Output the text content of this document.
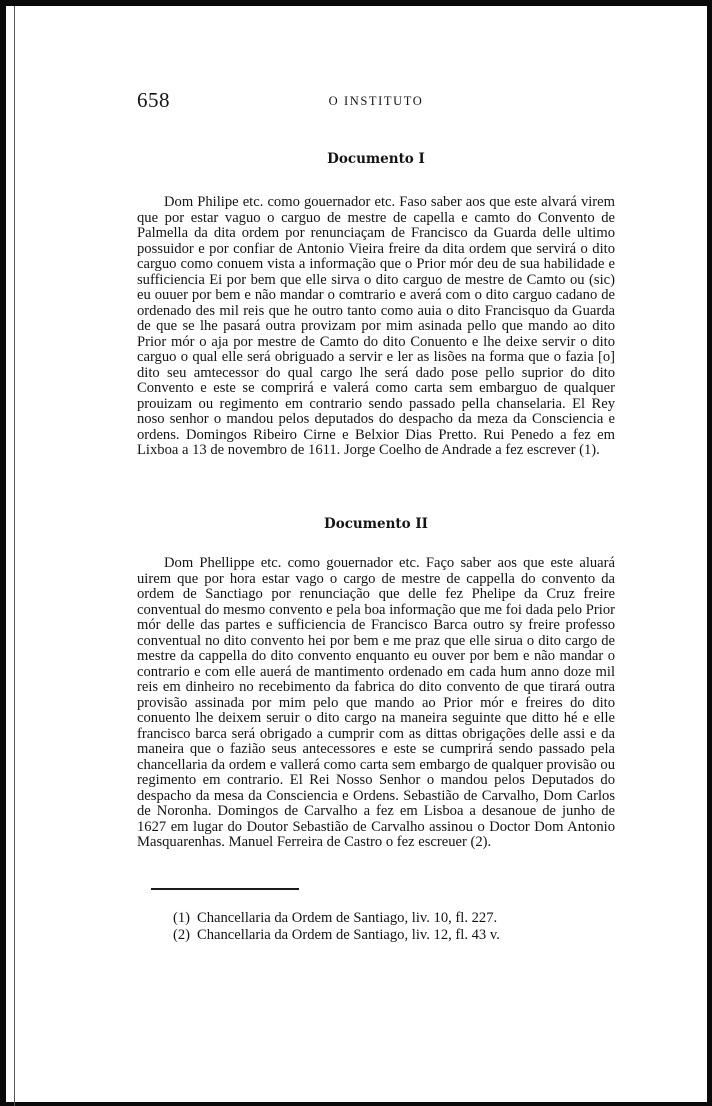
658	O INSTITUTO
Documento I

Dom Philipe etc. como gouernador etc. Faso saber aos que este alvará virem que por estar vaguo o carguo de mestre de capella e camto do Convento de Palmella da dita ordem por renunciaçam de Francisco da Guarda delle ultimo possuidor e por confiar de Antonio Vieira freire da dita ordem que servirá o dito carguo como conuem vista a informação que o Prior mór deu de sua habilidade e sufficiencia Ei por bem que elle sirva o dito carguo de mestre de Camto ou (sic) eu ouuer por bem e não mandar o comtrario e averá com o dito carguo cadano de ordenado des mil reis que he outro tanto como auia o dito Francisquo da Guarda de que se lhe pasará outra provizam por mim asinada pello que mando ao dito Prior mór o aja por mestre de Camto do dito Conuento e lhe deixe servir o dito carguo o qual elle será obriguado a servir e ler as lisões na forma que o fazia [o] dito seu amtecessor do qual cargo lhe será dado pose pello suprior do dito Convento e este se comprirá e valerá como carta sem embarguo de qualquer prouizam ou regimento em contrario sendo passado pella chanselaria. El Rey noso senhor o mandou pelos deputados do despacho da meza da Consciencia e ordens. Domingos Ribeiro Cirne e Belxior Dias Pretto. Rui Penedo a fez em Lixboa a 13 de novembro de 1611. Jorge Coelho de Andrade a fez escrever (1).

Documento II

Dom Phellippe etc. como gouernador etc. Faço saber aos que este aluará uirem que por hora estar vago o cargo de mestre de cappella do convento da ordem de Sanctiago por renunciação que delle fez Phelipe da Cruz freire conventual do mesmo convento e pela boa informação que me foi dada pelo Prior mór delle das partes e sufficiencia de Francisco Barca outro sy freire professo conventual no dito convento hei por bem e me praz que elle sirua o dito cargo de mestre da cappella do dito convento enquanto eu ouver por bem e não mandar o contrario e com elle auerá de mantimento ordenado em cada hum anno doze mil reis em dinheiro no recebimento da fabrica do dito convento de que tirará outra provisão assinada por mim pelo que mando ao Prior mór e freires do dito conuento lhe deixem seruir o dito cargo na maneira seguinte que ditto hé e elle francisco barca será obrigado a cumprir com as dittas obrigações delle assi e da maneira que o fazião seus antecessores e este se cumprirá sendo passado pela chancellaria da ordem e vallerá como carta sem embargo de qualquer provisão ou regimento em contrario. El Rei Nosso Senhor o mandou pelos Deputados do despacho da mesa da Consciencia e Ordens. Sebastião de Carvalho, Dom Carlos de Noronha. Domingos de Carvalho a fez em Lisboa a desanoue de junho de 1627 em lugar do Doutor Sebastião de Carvalho assinou o Doctor Dom Antonio Masquarenhas. Manuel Ferreira de Castro o fez escreuer (2).

(1) Chancellaria da Ordem de Santiago, liv. 10, fl. 227.
(2) Chancellaria da Ordem de Santiago, liv. 12, fl. 43 v.
